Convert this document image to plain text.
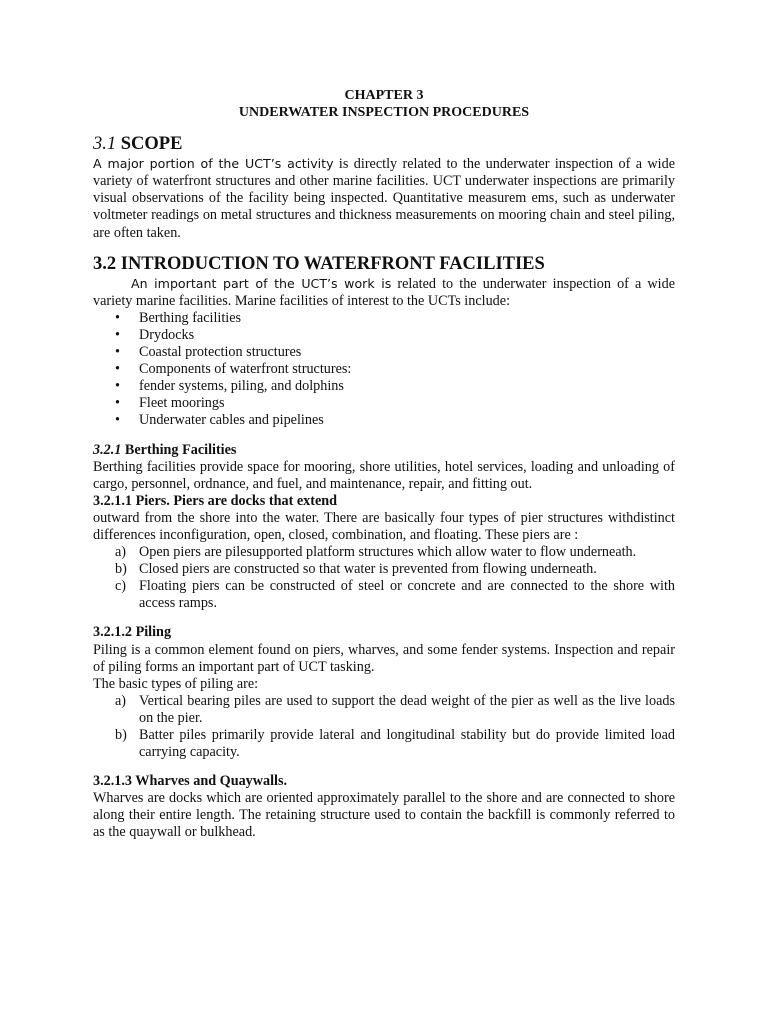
CHAPTER 3

UNDERWATER INSPECTION PROCEDURES

3.1 SCOPE

A major portion of the UCT’s activity is directly related to the underwater inspection of a wide variety of waterfront structures and other marine facilities. UCT underwater inspections are primarily visual observations of the facility being inspected. Quantitative measurem ems, such as underwater voltmeter readings on metal structures and thickness measurements on mooring chain and steel piling, are often taken.

3.2 INTRODUCTION TO WATERFRONT FACILITIES

An important part of the UCT’s work is related to the underwater inspection of a wide variety marine facilities. Marine facilities of interest to the UCTs include:

• Berthing facilities
• Drydocks
• Coastal protection structures
• Components of waterfront structures:
• fender systems, piling, and dolphins
• Fleet moorings
• Underwater cables and pipelines
3.2.1 Berthing Facilities

Berthing facilities provide space for mooring, shore utilities, hotel services, loading and unloading of cargo, personnel, ordnance, and fuel, and maintenance, repair, and fitting out.

3.2.1.1 Piers. Piers are docks that extend

outward from the shore into the water. There are basically four types of pier structures withdistinct differences inconfiguration, open, closed, combination, and floating. These piers are :

a) Open piers are pilesupported platform structures which allow water to flow underneath.
b) Closed piers are constructed so that water is prevented from flowing underneath.
c) Floating piers can be constructed of steel or concrete and are connected to the shore with access ramps.
3.2.1.2 Piling

Piling is a common element found on piers, wharves, and some fender systems. Inspection and repair of piling forms an important part of UCT tasking.

The basic types of piling are:

a) Vertical bearing piles are used to support the dead weight of the pier as well as the live loads on the pier.
b) Batter piles primarily provide lateral and longitudinal stability but do provide limited load carrying capacity.
3.2.1.3 Wharves and Quaywalls.

Wharves are docks which are oriented approximately parallel to the shore and are connected to shore along their entire length. The retaining structure used to contain the backfill is commonly referred to as the quaywall or bulkhead.
